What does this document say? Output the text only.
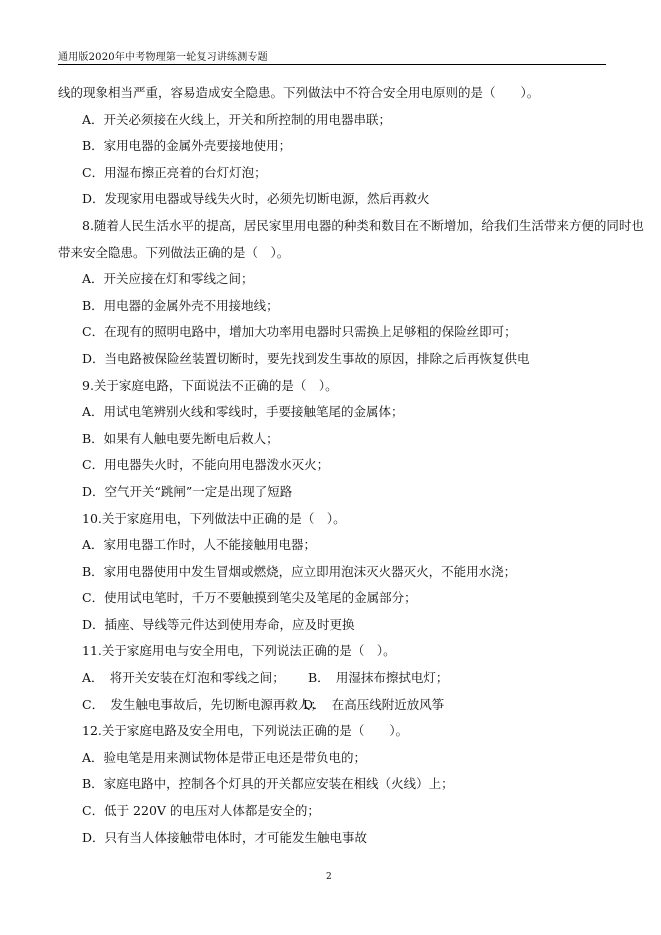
通用版2020年中考物理第一轮复习讲练测专题
线的现象相当严重，容易造成安全隐患。下列做法中不符合安全用电原则的是（　　）。
A．开关必须接在火线上，开关和所控制的用电器串联；
B．家用电器的金属外壳要接地使用；
C．用湿布擦正亮着的台灯灯泡；
D．发现家用电器或导线失火时，必须先切断电源，然后再救火
8.随着人民生活水平的提高，居民家里用电器的种类和数目在不断增加，给我们生活带来方便的同时也
带来安全隐患。下列做法正确的是（　）。
A．开关应接在灯和零线之间；
B．用电器的金属外壳不用接地线；
C．在现有的照明电路中，增加大功率用电器时只需换上足够粗的保险丝即可；
D．当电路被保险丝装置切断时，要先找到发生事故的原因，排除之后再恢复供电
9.关于家庭电路，下面说法不正确的是（　）。
A．用试电笔辨别火线和零线时，手要接触笔尾的金属体；
B．如果有人触电要先断电后救人；
C．用电器失火时，不能向用电器泼水灭火；
D．空气开关“跳闸”一定是出现了短路
10.关于家庭用电，下列做法中正确的是（　）。
A．家用电器工作时，人不能接触用电器；
B．家用电器使用中发生冒烟或燃烧，应立即用泡沫灭火器灭火，不能用水浇；
C．使用试电笔时，千万不要触摸到笔尖及笔尾的金属部分；
D．插座、导线等元件达到使用寿命，应及时更换
11.关于家庭用电与安全用电，下列说法正确的是（　）。
A．　将开关安装在灯泡和零线之间； B．　用湿抹布擦拭电灯；
C．　发生触电事故后，先切断电源再救人；
D．　在高压线附近放风筝
12.关于家庭电路及安全用电，下列说法正确的是（　　）。
A．验电笔是用来测试物体是带正电还是带负电的；
B．家庭电路中，控制各个灯具的开关都应安装在相线（火线）上；
C．低于 220V 的电压对人体都是安全的；
D．只有当人体接触带电体时，才可能发生触电事故
2
